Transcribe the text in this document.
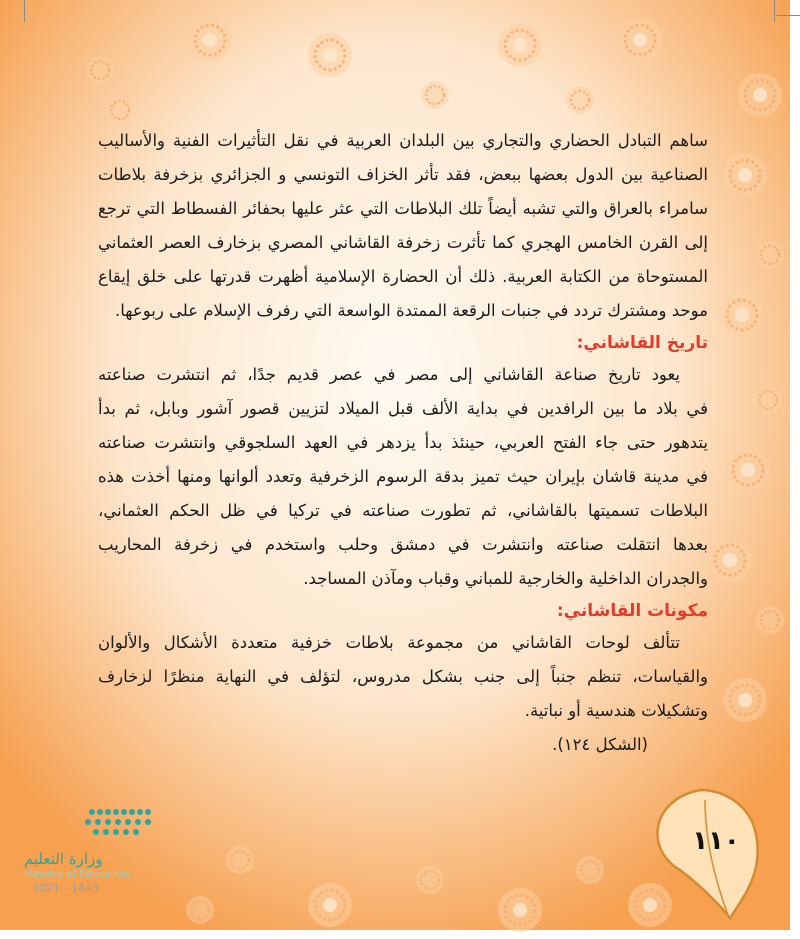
ساهم التبادل الحضاري والتجاري بين البلدان العربية في نقل التأثيرات الفنية والأساليب
الصناعية بين الدول بعضها ببعض، فقد تأثر الخزاف التونسي و الجزائري بزخرفة بلاطات
سامراء بالعراق والتي تشبه أيضاً تلك البلاطات التي عثر عليها بحفائر الفسطاط التي ترجع
إلى القرن الخامس الهجري كما تأثرت زخرفة القاشاني المصري بزخارف العصر العثماني
المستوحاة من الكتابة العربية. ذلك أن الحضارة الإسلامية أظهرت قدرتها على خلق إيقاع
موحد ومشترك تردد في جنبات الرقعة الممتدة الواسعة التي رفرف الإسلام على ربوعها.
تاريخ القاشاني:
يعود تاريخ صناعة القاشاني إلى مصر في عصر قديم جدًا، ثم انتشرت صناعته
في بلاد ما بين الرافدين في بداية الألف قبل الميلاد لتزيين قصور آشور وبابل، ثم بدأ
يتدهور حتى جاء الفتح العربي، حينئذ بدأ يزدهر في العهد السلجوقي وانتشرت صناعته
في مدينة قاشان بإيران حيث تميز بدقة الرسوم الزخرفية وتعدد ألوانها ومنها أخذت هذه
البلاطات تسميتها بالقاشاني، ثم تطورت صناعته في تركيا في ظل الحكم العثماني،
بعدها انتقلت صناعته وانتشرت في دمشق وحلب واستخدم في زخرفة المحاريب
والجدران الداخلية والخارجية للمباني وقباب ومآذن المساجد.
مكونات القاشاني:
تتألف لوحات القاشاني من مجموعة بلاطات خزفية متعددة الأشكال والألوان
والقياسات، تنظم جنباً إلى جنب بشكل مدروس، لتؤلف في النهاية منظرًا لزخارف
وتشكيلات هندسية أو نباتية.
(الشكل ١٢٤).
١١٠
وزارة التعليم
Ministry of Education
2021 - 1443
